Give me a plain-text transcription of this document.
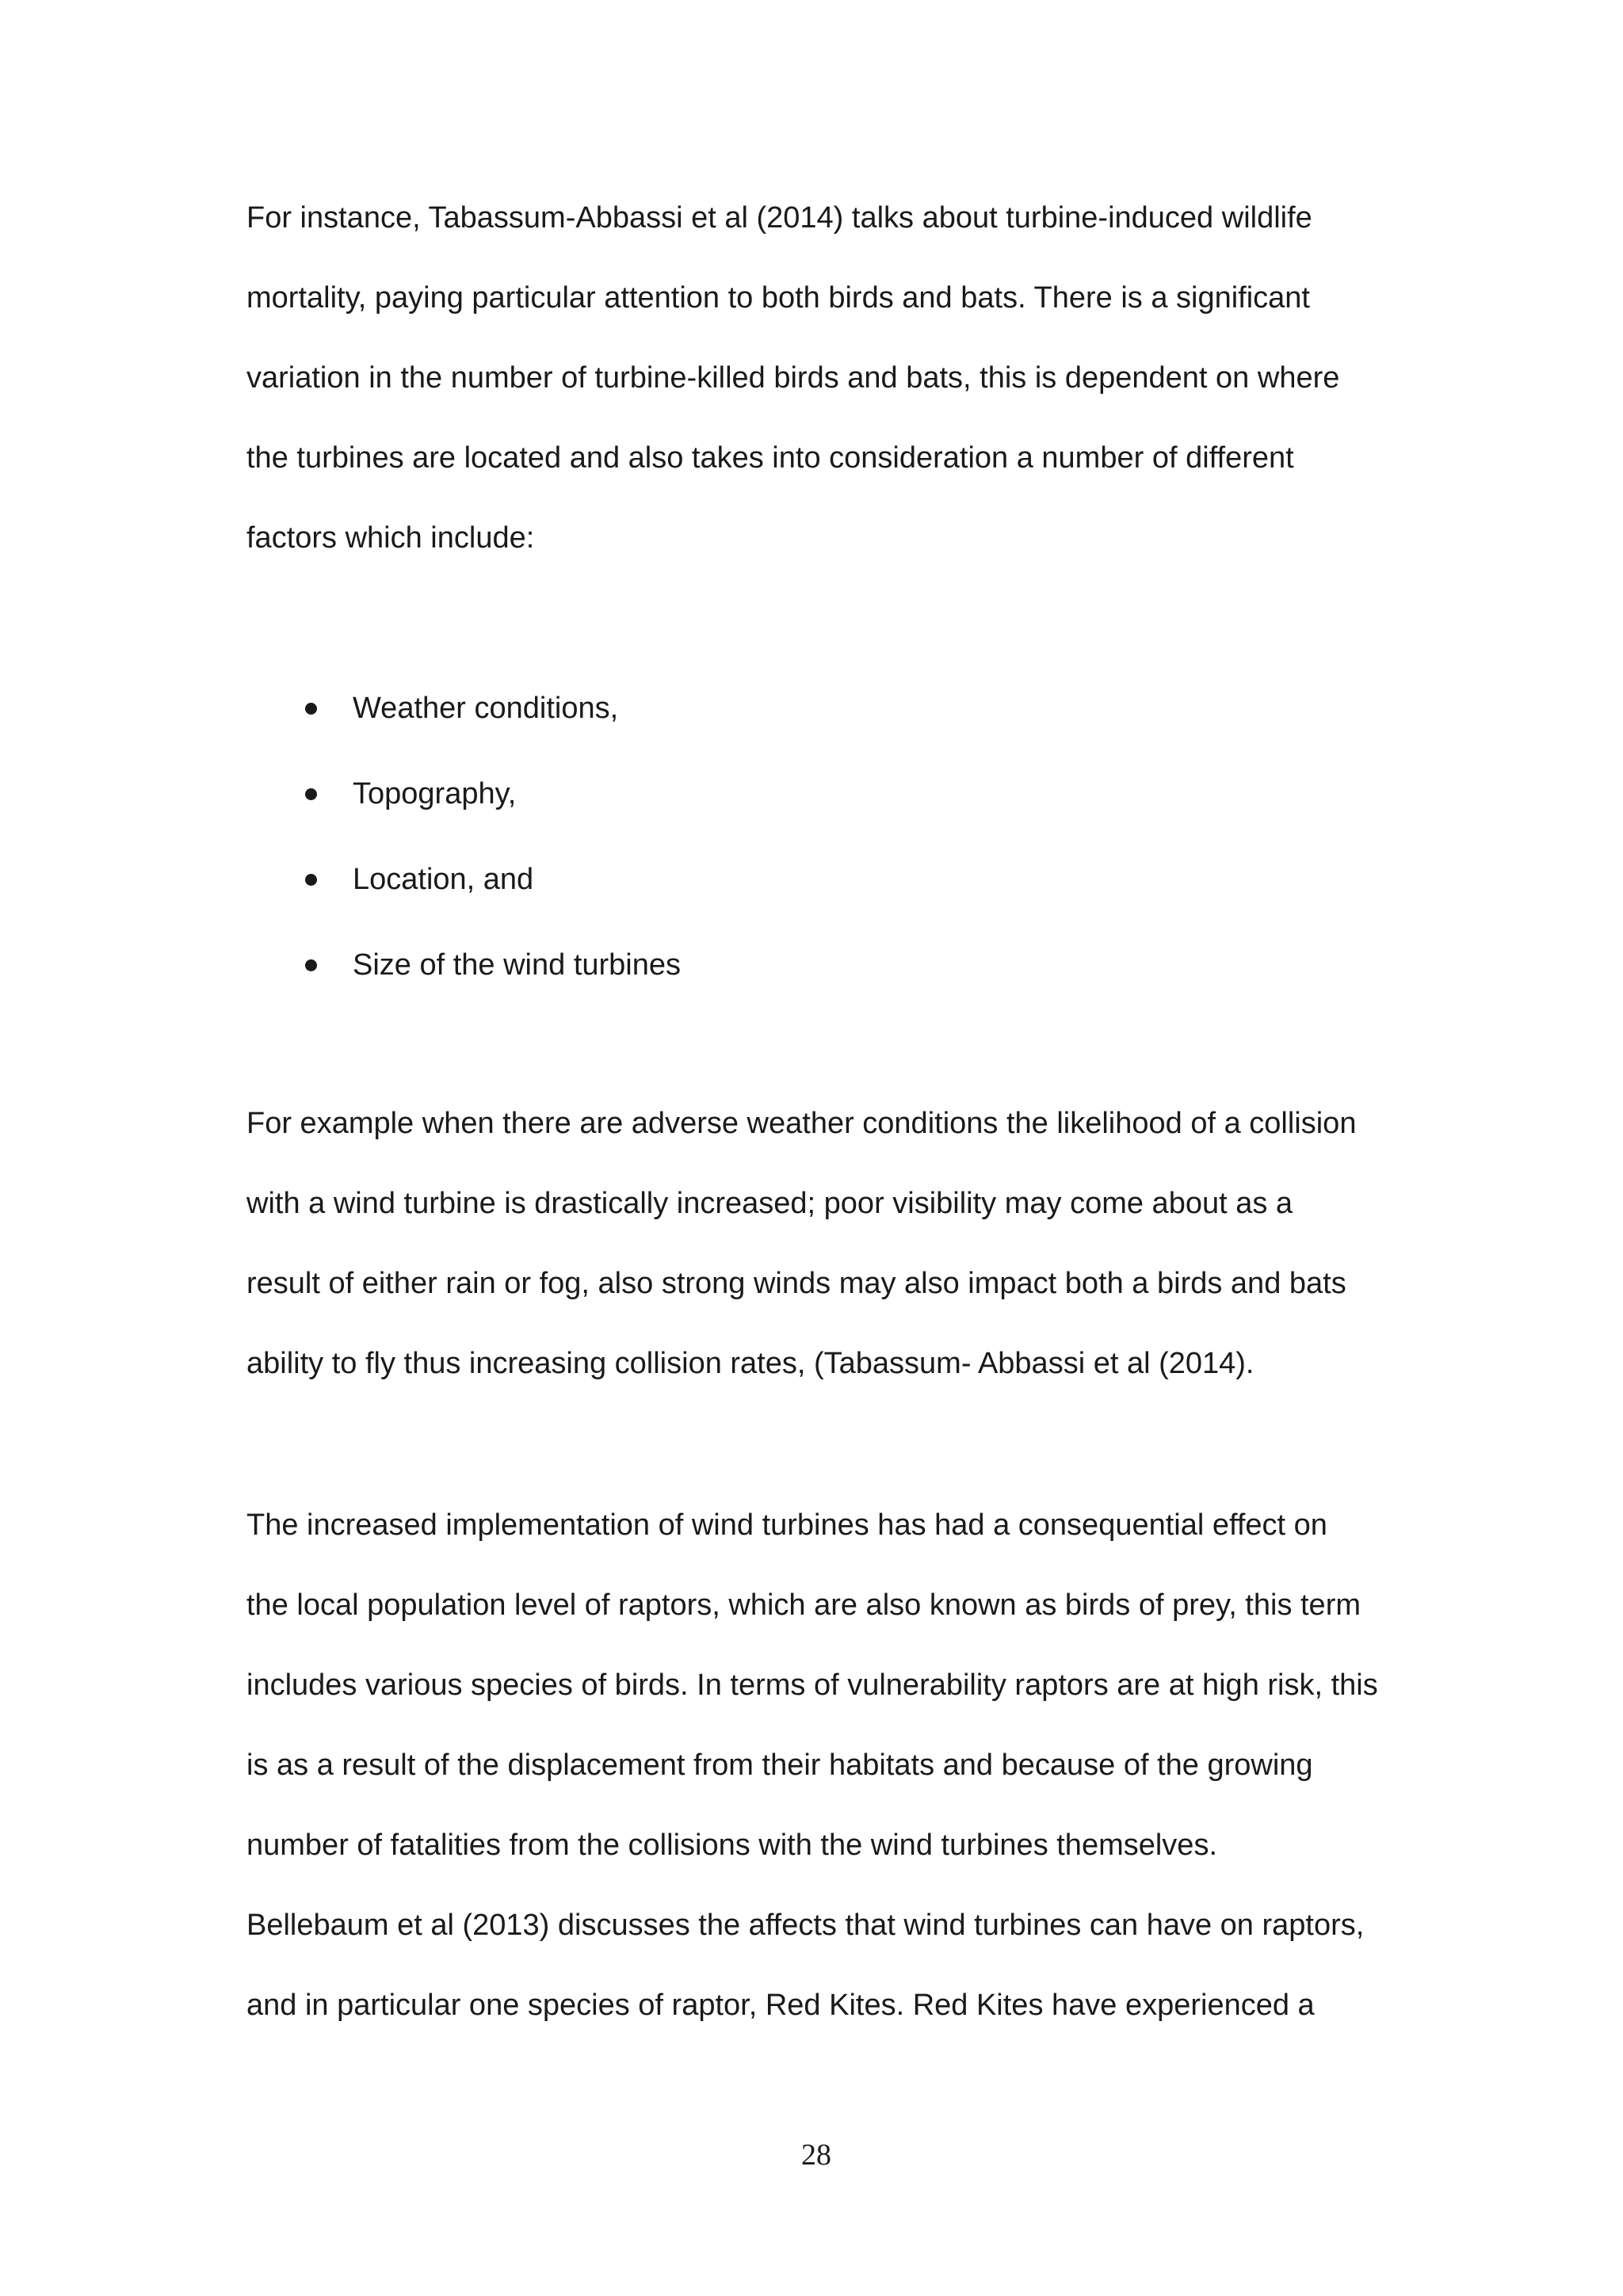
For instance, Tabassum-Abbassi et al (2014) talks about turbine-induced wildlife
mortality, paying particular attention to both birds and bats. There is a significant
variation in the number of turbine-killed birds and bats, this is dependent on where
the turbines are located and also takes into consideration a number of different
factors which include:
Weather conditions,
Topography,
Location, and
Size of the wind turbines
For example when there are adverse weather conditions the likelihood of a collision
with a wind turbine is drastically increased; poor visibility may come about as a
result of either rain or fog, also strong winds may also impact both a birds and bats
ability to fly thus increasing collision rates, (Tabassum- Abbassi et al (2014).
The increased implementation of wind turbines has had a consequential effect on
the local population level of raptors, which are also known as birds of prey, this term
includes various species of birds. In terms of vulnerability raptors are at high risk, this
is as a result of the displacement from their habitats and because of the growing
number of fatalities from the collisions with the wind turbines themselves.
Bellebaum et al (2013) discusses the affects that wind turbines can have on raptors,
and in particular one species of raptor, Red Kites. Red Kites have experienced a
28
